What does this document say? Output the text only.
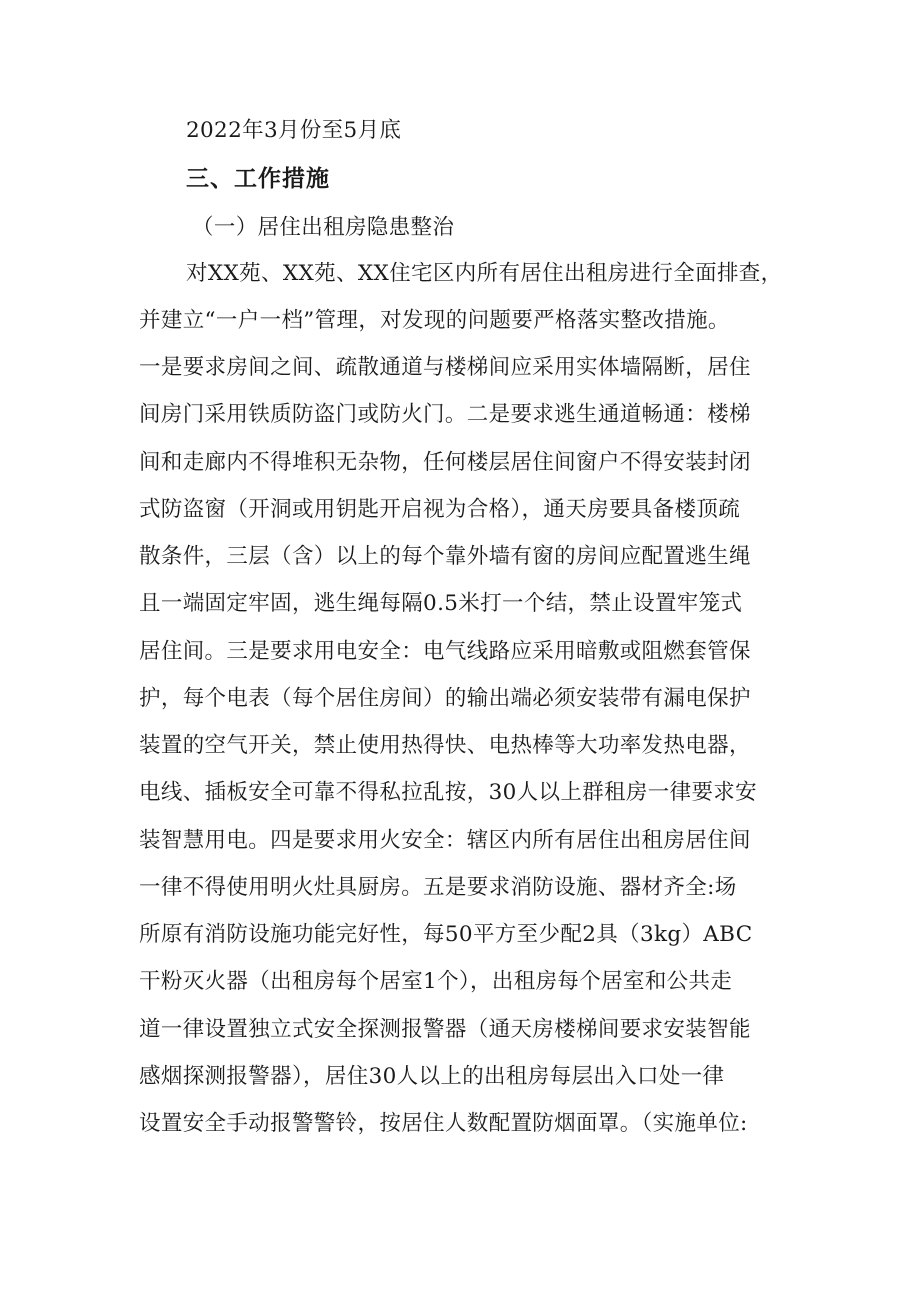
2022年3月份至5月底
三、工作措施
（一）居住出租房隐患整治
对XX苑、XX苑、XX住宅区内所有居住出租房进行全面排查，
并建立“一户一档”管理，对发现的问题要严格落实整改措施。
一是要求房间之间、疏散通道与楼梯间应采用实体墙隔断，居住
间房门采用铁质防盗门或防火门。二是要求逃生通道畅通：楼梯
间和走廊内不得堆积无杂物，任何楼层居住间窗户不得安装封闭
式防盗窗（开洞或用钥匙开启视为合格），通天房要具备楼顶疏
散条件，三层（含）以上的每个靠外墙有窗的房间应配置逃生绳
且一端固定牢固，逃生绳每隔0.5米打一个结，禁止设置牢笼式
居住间。三是要求用电安全：电气线路应采用暗敷或阻燃套管保
护，每个电表（每个居住房间）的输出端必须安装带有漏电保护
装置的空气开关，禁止使用热得快、电热棒等大功率发热电器，
电线、插板安全可靠不得私拉乱按，30人以上群租房一律要求安
装智慧用电。四是要求用火安全：辖区内所有居住出租房居住间
一律不得使用明火灶具厨房。五是要求消防设施、器材齐全:场
所原有消防设施功能完好性，每50平方至少配2具（3kg）ABC
干粉灭火器（出租房每个居室1个），出租房每个居室和公共走
道一律设置独立式安全探测报警器（通天房楼梯间要求安装智能
感烟探测报警器），居住30人以上的出租房每层出入口处一律
设置安全手动报警警铃，按居住人数配置防烟面罩。（实施单位:
